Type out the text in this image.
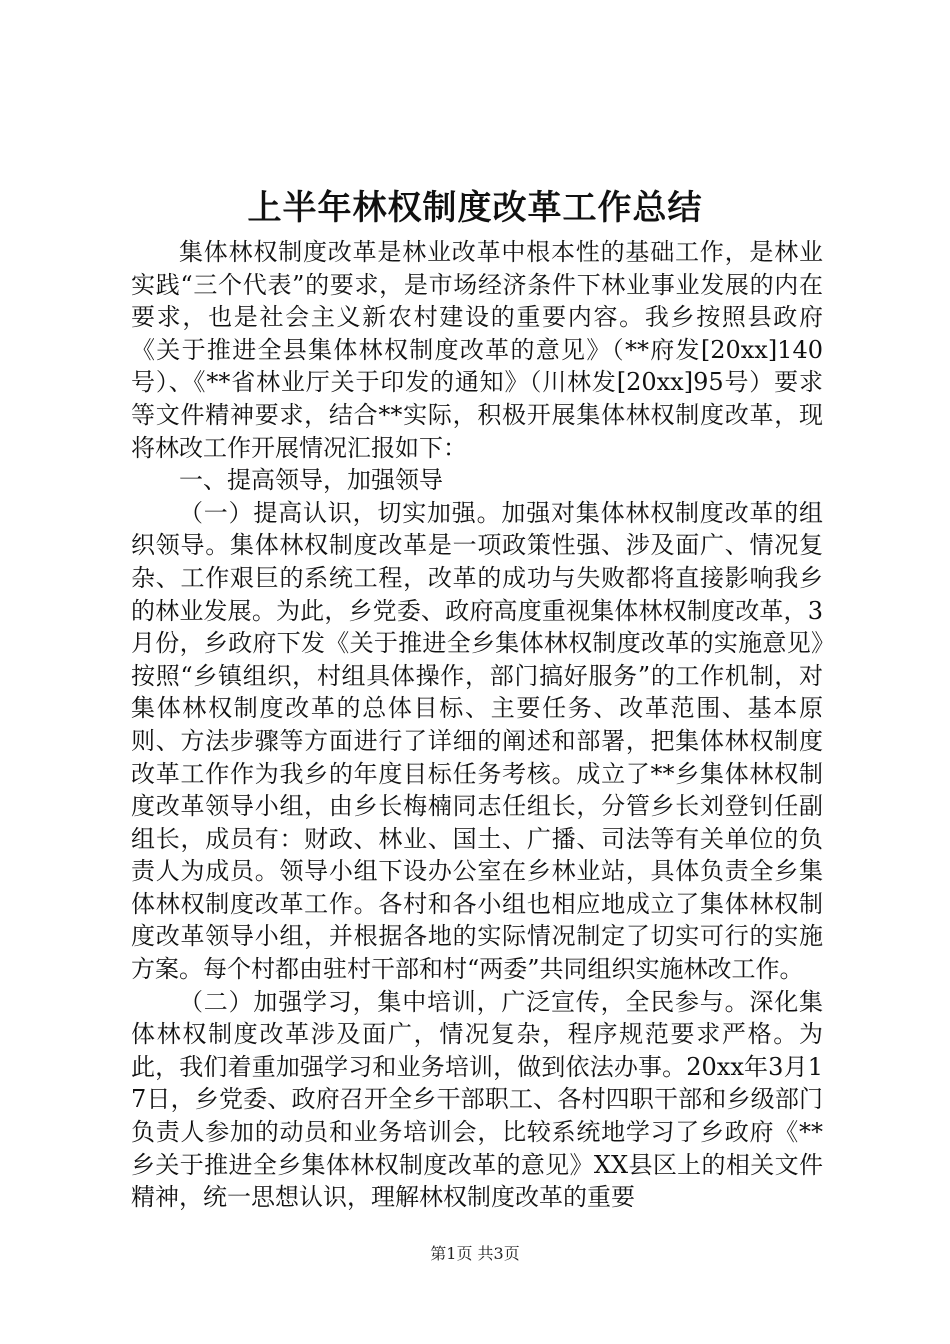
上半年林权制度改革工作总结

集体林权制度改革是林业改革中根本性的基础工作，是林业实践“三个代表”的要求，是市场经济条件下林业事业发展的内在要求，也是社会主义新农村建设的重要内容。我乡按照县政府《关于推进全县集体林权制度改革的意见》（**府发[20xx]140号）、《**省林业厅关于印发的通知》（川林发[20xx]95号）要求等文件精神要求，结合**实际，积极开展集体林权制度改革，现将林改工作开展情况汇报如下：

一、提高领导，加强领导

（一）提高认识，切实加强。加强对集体林权制度改革的组织领导。集体林权制度改革是一项政策性强、涉及面广、情况复杂、工作艰巨的系统工程，改革的成功与失败都将直接影响我乡的林业发展。为此，乡党委、政府高度重视集体林权制度改革，3月份，乡政府下发《关于推进全乡集体林权制度改革的实施意见》按照“乡镇组织，村组具体操作，部门搞好服务”的工作机制，对集体林权制度改革的总体目标、主要任务、改革范围、基本原则、方法步骤等方面进行了详细的阐述和部署，把集体林权制度改革工作作为我乡的年度目标任务考核。成立了**乡集体林权制度改革领导小组，由乡长梅楠同志任组长，分管乡长刘登钊任副组长，成员有：财政、林业、国土、广播、司法等有关单位的负责人为成员。领导小组下设办公室在乡林业站，具体负责全乡集体林权制度改革工作。各村和各小组也相应地成立了集体林权制度改革领导小组，并根据各地的实际情况制定了切实可行的实施方案。每个村都由驻村干部和村“两委”共同组织实施林改工作。

（二）加强学习，集中培训，广泛宣传，全民参与。深化集体林权制度改革涉及面广，情况复杂，程序规范要求严格。为此，我们着重加强学习和业务培训，做到依法办事。20xx年3月17日，乡党委、政府召开全乡干部职工、各村四职干部和乡级部门负责人参加的动员和业务培训会，比较系统地学习了乡政府《**乡关于推进全乡集体林权制度改革的意见》XX县区上的相关文件精神，统一思想认识，理解林权制度改革的重要

第1页 共3页
